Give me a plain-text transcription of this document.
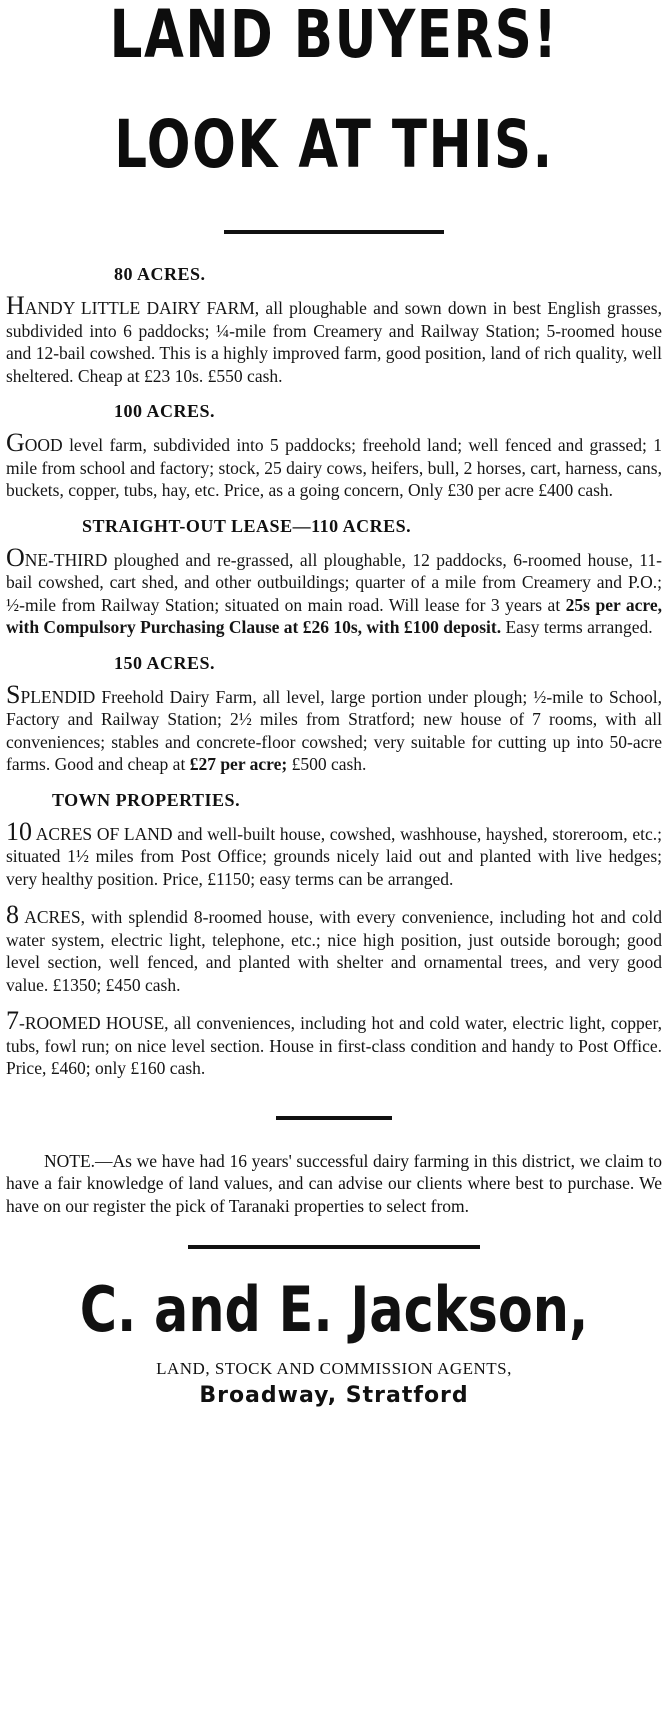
LAND BUYERS!
LOOK AT THIS.
80 ACRES.

HANDY LITTLE DAIRY FARM, all ploughable and sown down in best English grasses, subdivided into 6 paddocks; ¼-mile from Creamery and Railway Station; 5-roomed house and 12-bail cowshed. This is a highly improved farm, good position, land of rich quality, well sheltered. Cheap at £23 10s. £550 cash.

100 ACRES.

GOOD level farm, subdivided into 5 paddocks; freehold land; well fenced and grassed; 1 mile from school and factory; stock, 25 dairy cows, heifers, bull, 2 horses, cart, harness, cans, buckets, copper, tubs, hay, etc. Price, as a going concern, Only £30 per acre £400 cash.

STRAIGHT-OUT LEASE—110 ACRES.

ONE-THIRD ploughed and re-grassed, all ploughable, 12 paddocks, 6-roomed house, 11-bail cowshed, cart shed, and other outbuildings; quarter of a mile from Creamery and P.O.; ½-mile from Railway Station; situated on main road. Will lease for 3 years at 25s per acre, with Compulsory Purchasing Clause at £26 10s, with £100 deposit. Easy terms arranged.

150 ACRES.

SPLENDID Freehold Dairy Farm, all level, large portion under plough; ½-mile to School, Factory and Railway Station; 2½ miles from Stratford; new house of 7 rooms, with all conveniences; stables and concrete-floor cowshed; very suitable for cutting up into 50-acre farms. Good and cheap at £27 per acre; £500 cash.

TOWN PROPERTIES.

10 ACRES OF LAND and well-built house, cowshed, washhouse, hayshed, storeroom, etc.; situated 1½ miles from Post Office; grounds nicely laid out and planted with live hedges; very healthy position. Price, £1150; easy terms can be arranged.

8 ACRES, with splendid 8-roomed house, with every convenience, including hot and cold water system, electric light, telephone, etc.; nice high position, just outside borough; good level section, well fenced, and planted with shelter and ornamental trees, and very good value. £1350; £450 cash.

7-ROOMED HOUSE, all conveniences, including hot and cold water, electric light, copper, tubs, fowl run; on nice level section. House in first-class condition and handy to Post Office. Price, £460; only £160 cash.

NOTE.—As we have had 16 years' successful dairy farming in this district, we claim to have a fair knowledge of land values, and can advise our clients where best to purchase. We have on our register the pick of Taranaki properties to select from.

C. and E. Jackson,
LAND, STOCK AND COMMISSION AGENTS,
Broadway, Stratford
